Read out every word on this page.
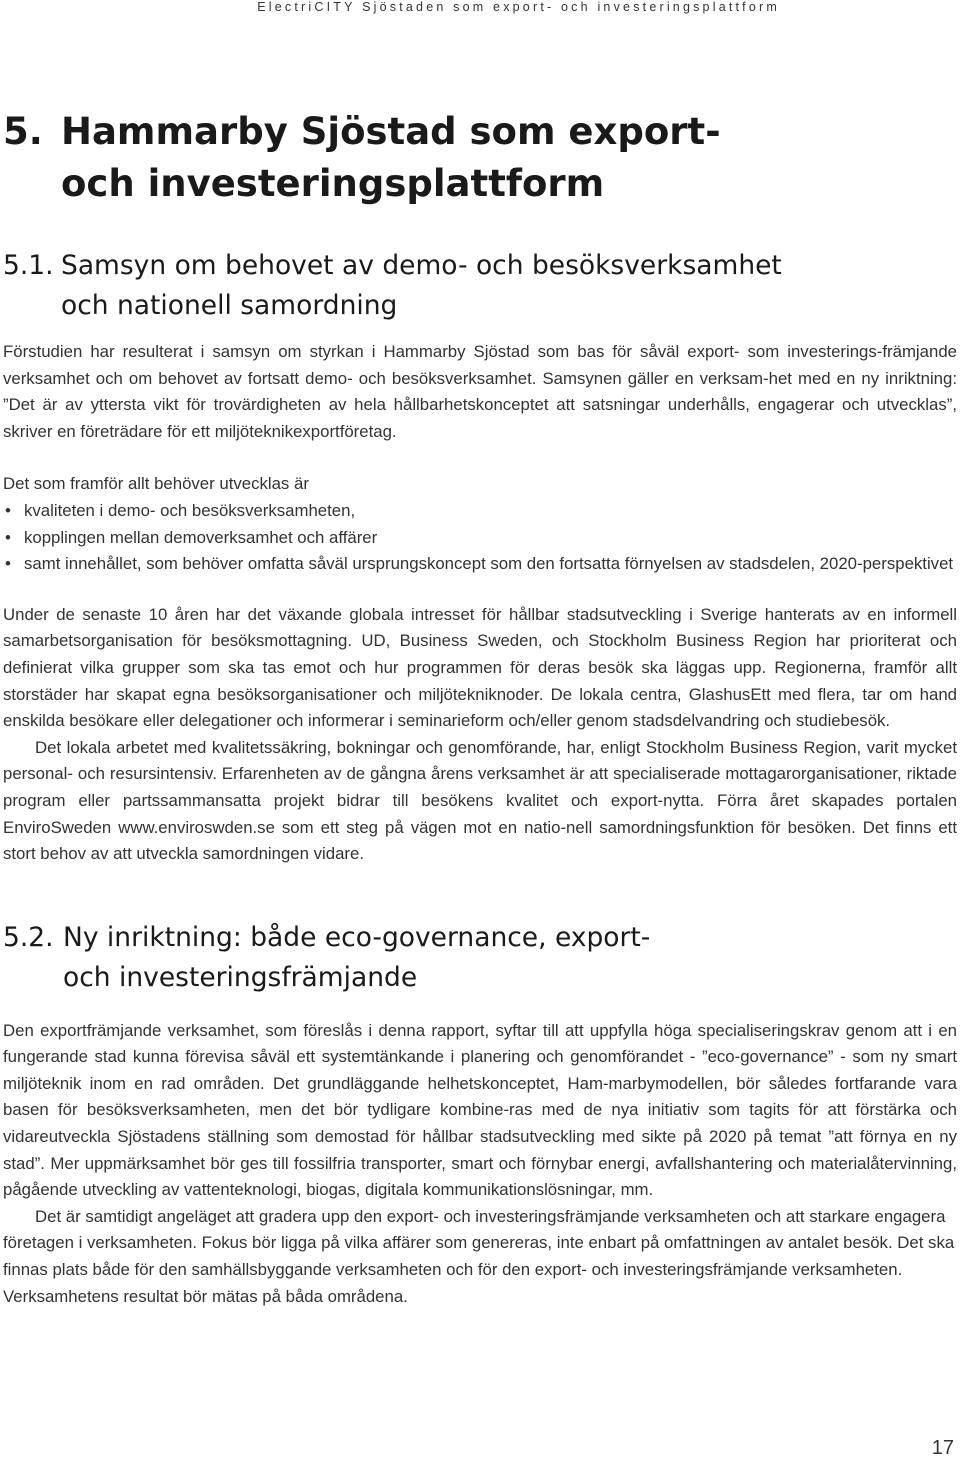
ElectriCITY Sjöstaden som export- och investeringsplattform
5. Hammarby Sjöstad som export-
och investeringsplattform
5.1. Samsyn om behovet av demo- och besöksverksamhet
och nationell samordning

Förstudien har resulterat i samsyn om styrkan i Hammarby Sjöstad som bas för såväl export- som investerings-främjande verksamhet och om behovet av fortsatt demo- och besöksverksamhet. Samsynen gäller en verksam-het med en ny inriktning: ”Det är av yttersta vikt för trovärdigheten av hela hållbarhetskonceptet att satsningar underhålls, engagerar och utvecklas”, skriver en företrädare för ett miljöteknikexportföretag.

Det som framför allt behöver utvecklas är

• kvaliteten i demo- och besöksverksamheten,
• kopplingen mellan demoverksamhet och affärer
• samt innehållet, som behöver omfatta såväl ursprungskoncept som den fortsatta förnyelsen av stadsdelen, 2020-perspektivet

Under de senaste 10 åren har det växande globala intresset för hållbar stadsutveckling i Sverige hanterats av en informell samarbetsorganisation för besöksmottagning. UD, Business Sweden, och Stockholm Business Region har prioriterat och definierat vilka grupper som ska tas emot och hur programmen för deras besök ska läggas upp. Regionerna, framför allt storstäder har skapat egna besöksorganisationer och miljötekniknoder. De lokala centra, GlashusEtt med flera, tar om hand enskilda besökare eller delegationer och informerar i seminarieform och/eller genom stadsdelvandring och studiebesök.

Det lokala arbetet med kvalitetssäkring, bokningar och genomförande, har, enligt Stockholm Business Region, varit mycket personal- och resursintensiv. Erfarenheten av de gångna årens verksamhet är att specialiserade mottagarorganisationer, riktade program eller partssammansatta projekt bidrar till besökens kvalitet och export-nytta. Förra året skapades portalen EnviroSweden www.enviroswden.se som ett steg på vägen mot en natio-nell samordningsfunktion för besöken. Det finns ett stort behov av att utveckla samordningen vidare.

5.2. Ny inriktning: både eco-governance, export-
och investeringsfrämjande

Den exportfrämjande verksamhet, som föreslås i denna rapport, syftar till att uppfylla höga specialiseringskrav genom att i en fungerande stad kunna förevisa såväl ett systemtänkande i planering och genomförandet - ”eco-governance” - som ny smart miljöteknik inom en rad områden. Det grundläggande helhetskonceptet, Ham-marbymodellen, bör således fortfarande vara basen för besöksverksamheten, men det bör tydligare kombine-ras med de nya initiativ som tagits för att förstärka och vidareutveckla Sjöstadens ställning som demostad för hållbar stadsutveckling med sikte på 2020 på temat ”att förnya en ny stad”. Mer uppmärksamhet bör ges till fossilfria transporter, smart och förnybar energi, avfallshantering och materialåtervinning, pågående utveckling av vattenteknologi, biogas, digitala kommunikationslösningar, mm.

Det är samtidigt angeläget att gradera upp den export- och investeringsfrämjande verksamheten och att starkare engagera företagen i verksamheten. Fokus bör ligga på vilka affärer som genereras, inte enbart på omfattningen av antalet besök. Det ska finnas plats både för den samhällsbyggande verksamheten och för den export- och investeringsfrämjande verksamheten. Verksamhetens resultat bör mätas på båda områdena.

17
